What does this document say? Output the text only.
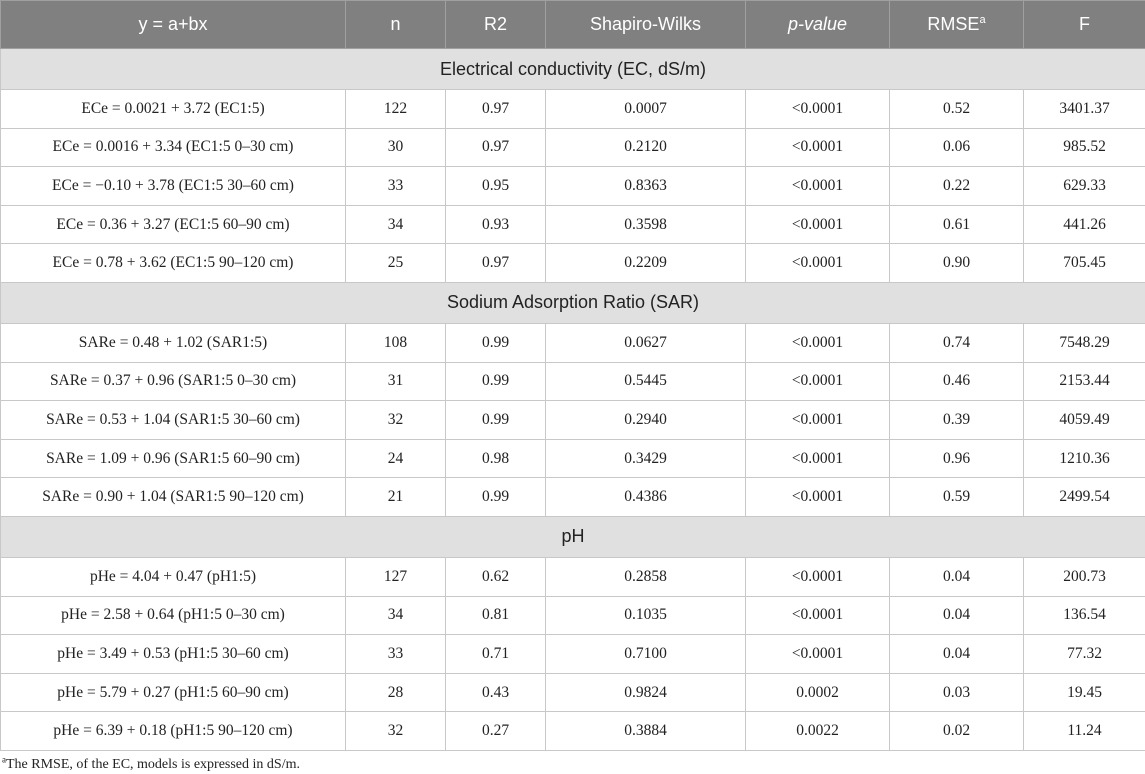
y = a+bx	n	R2	Shapiro-Wilks	p-value	RMSE$^a$	F
Electrical conductivity (EC, dS/m)						
ECe = 0.0021 + 3.72 (EC1:5)	122	0.97	0.0007	<0.0001	0.52	3401.37
ECe = 0.0016 + 3.34 (EC1:5 0–30 cm)	30	0.97	0.2120	<0.0001	0.06	985.52
ECe = −0.10 + 3.78 (EC1:5 30–60 cm)	33	0.95	0.8363	<0.0001	0.22	629.33
ECe = 0.36 + 3.27 (EC1:5 60–90 cm)	34	0.93	0.3598	<0.0001	0.61	441.26
ECe = 0.78 + 3.62 (EC1:5 90–120 cm)	25	0.97	0.2209	<0.0001	0.90	705.45
Sodium Adsorption Ratio (SAR)						
SARe = 0.48 + 1.02 (SAR1:5)	108	0.99	0.0627	<0.0001	0.74	7548.29
SARe = 0.37 + 0.96 (SAR1:5 0–30 cm)	31	0.99	0.5445	<0.0001	0.46	2153.44
SARe = 0.53 + 1.04 (SAR1:5 30–60 cm)	32	0.99	0.2940	<0.0001	0.39	4059.49
SARe = 1.09 + 0.96 (SAR1:5 60–90 cm)	24	0.98	0.3429	<0.0001	0.96	1210.36
SARe = 0.90 + 1.04 (SAR1:5 90–120 cm)	21	0.99	0.4386	<0.0001	0.59	2499.54
pH						
pHe = 4.04 + 0.47 (pH1:5)	127	0.62	0.2858	<0.0001	0.04	200.73
pHe = 2.58 + 0.64 (pH1:5 0–30 cm)	34	0.81	0.1035	<0.0001	0.04	136.54
pHe = 3.49 + 0.53 (pH1:5 30–60 cm)	33	0.71	0.7100	<0.0001	0.04	77.32
pHe = 5.79 + 0.27 (pH1:5 60–90 cm)	28	0.43	0.9824	0.0002	0.03	19.45
pHe = 6.39 + 0.18 (pH1:5 90–120 cm)	32	0.27	0.3884	0.0022	0.02	11.24
$^a$The RMSE, of the EC, models is expressed in dS/m.
